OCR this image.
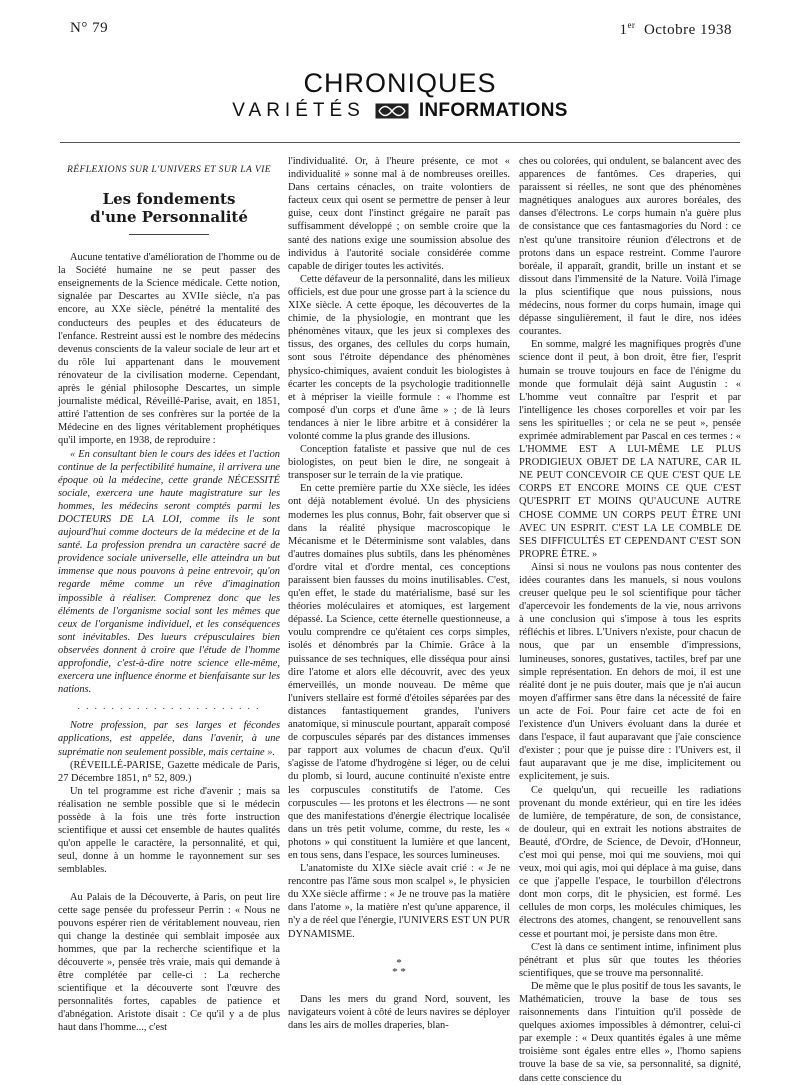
N° 79	1er Octobre 1938
CHRONIQUES
VARIÉTÉS	INFORMATIONS
RÉFLEXIONS SUR L'UNIVERS ET SUR LA VIE
Les fondements
d'une Personnalité

Aucune tentative d'amélioration de l'homme ou de la Société humaine ne se peut passer des enseignements de la Science médicale. Cette notion, signalée par Descartes au XVIIe siècle, n'a pas encore, au XXe siècle, pénétré la mentalité des conducteurs des peuples et des éducateurs de l'enfance. Restreint aussi est le nombre des médecins devenus conscients de la valeur sociale de leur art et du rôle lui appartenant dans le mouvement rénovateur de la civilisation moderne. Cependant, après le génial philosophe Descartes, un simple journaliste médical, Réveillé-Parise, avait, en 1851, attiré l'attention de ses confrères sur la portée de la Médecine en des lignes véritablement prophétiques qu'il importe, en 1938, de reproduire :

« En consultant bien le cours des idées et l'action continue de la perfectibilité humaine, il arrivera une époque où la médecine, cette grande NÉCESSITÉ sociale, exercera une haute magistrature sur les hommes, les médecins seront comptés parmi les DOCTEURS DE LA LOI, comme ils le sont aujourd'hui comme docteurs de la médecine et de la santé. La profession prendra un caractère sacré de providence sociale universelle, elle atteindra un but immense que nous pouvons à peine entrevoir, qu'on regarde même comme un rêve d'imagination impossible à réaliser. Comprenez donc que les éléments de l'organisme social sont les mêmes que ceux de l'organisme individuel, et les conséquences sont inévitables. Des lueurs crépusculaires bien observées donnent à croire que l'étude de l'homme approfondie, c'est-à-dire notre science elle-même, exercera une influence énorme et bienfaisante sur les nations.

. . . . . . . . . . . . . . . . . . . . . .

Notre profession, par ses larges et fécondes applications, est appelée, dans l'avenir, à une suprématie non seulement possible, mais certaine ».

(RÉVEILLÉ-PARISE, Gazette médicale de Paris, 27 Décembre 1851, n° 52, 809.)

Un tel programme est riche d'avenir ; mais sa réalisation ne semble possible que si le médecin possède à la fois une très forte instruction scientifique et aussi cet ensemble de hautes qualités qu'on appelle le caractère, la personnalité, et qui, seul, donne à un homme le rayonnement sur ses semblables.

Au Palais de la Découverte, à Paris, on peut lire cette sage pensée du professeur Perrin : « Nous ne pouvons espérer rien de véritablement nouveau, rien qui change la destinée qui semblait imposée aux hommes, que par la recherche scientifique et la découverte », pensée très vraie, mais qui demande à être complétée par celle-ci : La recherche scientifique et la découverte sont l'œuvre des personnalités fortes, capables de patience et d'abnégation. Aristote disait : Ce qu'il y a de plus haut dans l'homme..., c'est

l'individualité. Or, à l'heure présente, ce mot « individualité » sonne mal à de nombreuses oreilles. Dans certains cénacles, on traite volontiers de facteux ceux qui osent se permettre de penser à leur guise, ceux dont l'instinct grégaire ne paraît pas suffisamment développé ; on semble croire que la santé des nations exige une soumission absolue des individus à l'autorité sociale considérée comme capable de diriger toutes les activités.

Cette défaveur de la personnalité, dans les milieux officiels, est due pour une grosse part à la science du XIXe siècle. A cette époque, les découvertes de la chimie, de la physiologie, en montrant que les phénomènes vitaux, que les jeux si complexes des tissus, des organes, des cellules du corps humain, sont sous l'étroite dépendance des phénomènes physico-chimiques, avaient conduit les biologistes à écarter les concepts de la psychologie traditionnelle et à mépriser la vieille formule : « l'homme est composé d'un corps et d'une âme » ; de là leurs tendances à nier le libre arbitre et à considérer la volonté comme la plus grande des illusions.

Conception fataliste et passive que nul de ces biologistes, on peut bien le dire, ne songeait à transposer sur le terrain de la vie pratique.

En cette première partie du XXe siècle, les idées ont déjà notablement évolué. Un des physiciens modernes les plus connus, Bohr, fait observer que si dans la réalité physique macroscopique le Mécanisme et le Déterminisme sont valables, dans d'autres domaines plus subtils, dans les phénomènes d'ordre vital et d'ordre mental, ces conceptions paraissent bien fausses du moins inutilisables. C'est, qu'en effet, le stade du matérialisme, basé sur les théories moléculaires et atomiques, est largement dépassé. La Science, cette éternelle questionneuse, a voulu comprendre ce qu'étaient ces corps simples, isolés et dénombrés par la Chimie. Grâce à la puissance de ses techniques, elle disséqua pour ainsi dire l'atome et alors elle découvrit, avec des yeux émerveillés, un monde nouveau. De même que l'univers stellaire est formé d'étoiles séparées par des distances fantastiquement grandes, l'univers anatomique, si minuscule pourtant, apparaît composé de corpuscules séparés par des distances immenses par rapport aux volumes de chacun d'eux. Qu'il s'agisse de l'atome d'hydrogène si léger, ou de celui du plomb, si lourd, aucune continuité n'existe entre les corpuscules constitutifs de l'atome. Ces corpuscules — les protons et les électrons — ne sont que des manifestations d'énergie électrique localisée dans un très petit volume, comme, du reste, les « photons » qui constituent la lumière et que lancent, en tous sens, dans l'espace, les sources lumineuses.

L'anatomiste du XIXe siècle avait crié : « Je ne rencontre pas l'âme sous mon scalpel », le physicien du XXe siècle affirme : « Je ne trouve pas la matière dans l'atome », la matière n'est qu'une apparence, il n'y a de réel que l'énergie, l'UNIVERS EST UN PUR DYNAMISME.

*
* *

Dans les mers du grand Nord, souvent, les navigateurs voient à côté de leurs navires se déployer dans les airs de molles draperies, blan-

ches ou colorées, qui ondulent, se balancent avec des apparences de fantômes. Ces draperies, qui paraissent si réelles, ne sont que des phénomènes magnétiques analogues aux aurores boréales, des danses d'électrons. Le corps humain n'a guère plus de consistance que ces fantasmagories du Nord : ce n'est qu'une transitoire réunion d'électrons et de protons dans un espace restreint. Comme l'aurore boréale, il apparaît, grandit, brille un instant et se dissout dans l'immensité de la Nature. Voilà l'image la plus scientifique que nous puissions, nous médecins, nous former du corps humain, image qui dépasse singulièrement, il faut le dire, nos idées courantes.

En somme, malgré les magnifiques progrès d'une science dont il peut, à bon droit, être fier, l'esprit humain se trouve toujours en face de l'énigme du monde que formulait déjà saint Augustin : « L'homme veut connaître par l'esprit et par l'intelligence les choses corporelles et voir par les sens les spirituelles ; or cela ne se peut », pensée exprimée admirablement par Pascal en ces termes : « L'HOMME EST A LUI-MÊME LE PLUS PRODIGIEUX OBJET DE LA NATURE, CAR IL NE PEUT CONCEVOIR CE QUE C'EST QUE LE CORPS ET ENCORE MOINS CE QUE C'EST QU'ESPRIT ET MOINS QU'AUCUNE AUTRE CHOSE COMME UN CORPS PEUT ÊTRE UNI AVEC UN ESPRIT. C'EST LA LE COMBLE DE SES DIFFICULTÉS ET CEPENDANT C'EST SON PROPRE ÊTRE. »

Ainsi si nous ne voulons pas nous contenter des idées courantes dans les manuels, si nous voulons creuser quelque peu le sol scientifique pour tâcher d'apercevoir les fondements de la vie, nous arrivons à une conclusion qui s'impose à tous les esprits réfléchis et libres. L'Univers n'existe, pour chacun de nous, que par un ensemble d'impressions, lumineuses, sonores, gustatives, tactiles, bref par une simple représentation. En dehors de moi, il est une réalité dont je ne puis douter, mais que je n'ai aucun moyen d'affirmer sans être dans la nécessité de faire un acte de Foi. Pour faire cet acte de foi en l'existence d'un Univers évoluant dans la durée et dans l'espace, il faut auparavant que j'aie conscience d'exister ; pour que je puisse dire : l'Univers est, il faut auparavant que je me dise, implicitement ou explicitement, je suis.

Ce quelqu'un, qui recueille les radiations provenant du monde extérieur, qui en tire les idées de lumière, de température, de son, de consistance, de douleur, qui en extrait les notions abstraites de Beauté, d'Ordre, de Science, de Devoir, d'Honneur, c'est moi qui pense, moi qui me souviens, moi qui veux, moi qui agis, moi qui déplace à ma guise, dans ce que j'appelle l'espace, le tourbillon d'électrons dont mon corps, dit le physicien, est formé. Les cellules de mon corps, les molécules chimiques, les électrons des atomes, changent, se renouvellent sans cesse et pourtant moi, je persiste dans mon être.

C'est là dans ce sentiment intime, infiniment plus pénétrant et plus sûr que toutes les théories scientifiques, que se trouve ma personnalité.

De même que le plus positif de tous les savants, le Mathématicien, trouve la base de tous ses raisonnements dans l'intuition qu'il possède de quelques axiomes impossibles à démontrer, celui-ci par exemple : « Deux quantités égales à une même troisième sont égales entre elles », l'homo sapiens trouve la base de sa vie, sa personnalité, sa dignité, dans cette conscience du
